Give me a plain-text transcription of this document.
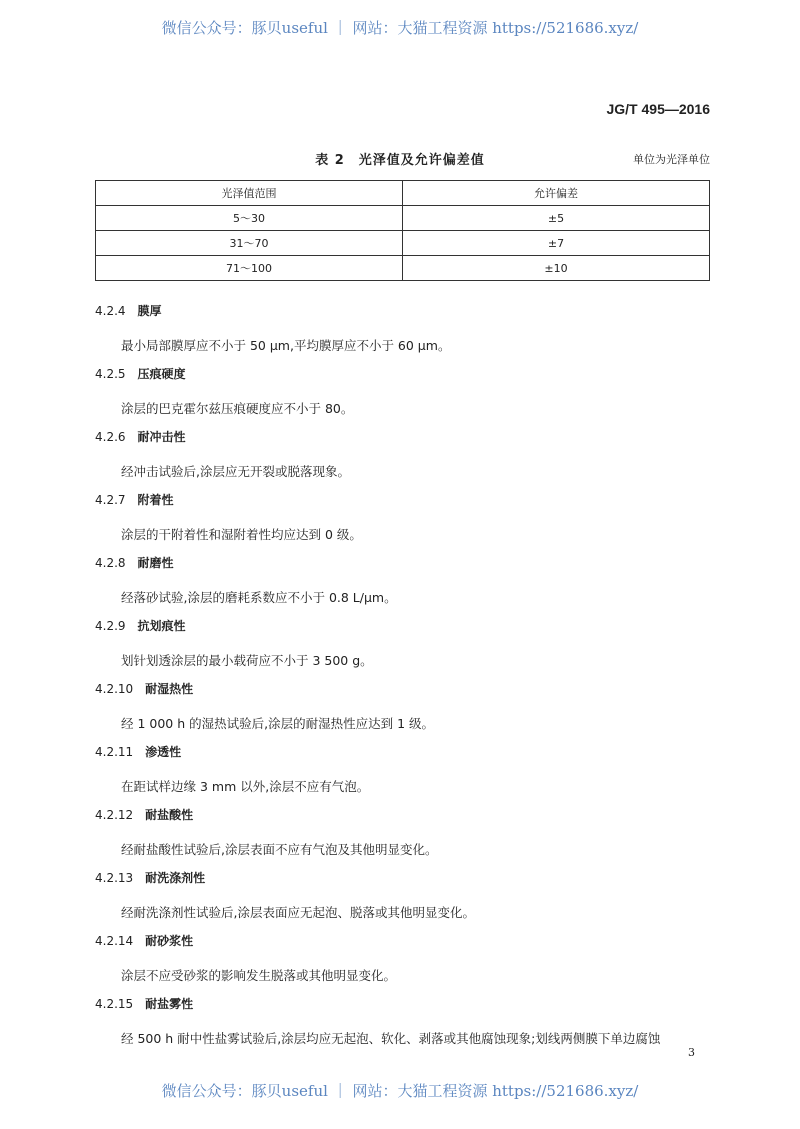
微信公众号：豚贝useful ｜ 网站：大猫工程资源 https://521686.xyz/
JG/T 495—2016
表 2　光泽值及允许偏差值	单位为光泽单位
光泽值范围	允许偏差
5～30	±5
31～70	±7
71～100	±10
4.2.4 膜厚

最小局部膜厚应不小于 50 μm,平均膜厚应不小于 60 μm。

4.2.5 压痕硬度

涂层的巴克霍尔兹压痕硬度应不小于 80。

4.2.6 耐冲击性

经冲击试验后,涂层应无开裂或脱落现象。

4.2.7 附着性

涂层的干附着性和湿附着性均应达到 0 级。

4.2.8 耐磨性

经落砂试验,涂层的磨耗系数应不小于 0.8 L/μm。

4.2.9 抗划痕性

划针划透涂层的最小载荷应不小于 3 500 g。

4.2.10 耐湿热性

经 1 000 h 的湿热试验后,涂层的耐湿热性应达到 1 级。

4.2.11 渗透性

在距试样边缘 3 mm 以外,涂层不应有气泡。

4.2.12 耐盐酸性

经耐盐酸性试验后,涂层表面不应有气泡及其他明显变化。

4.2.13 耐洗涤剂性

经耐洗涤剂性试验后,涂层表面应无起泡、脱落或其他明显变化。

4.2.14 耐砂浆性

涂层不应受砂浆的影响发生脱落或其他明显变化。

4.2.15 耐盐雾性

经 500 h 耐中性盐雾试验后,涂层均应无起泡、软化、剥落或其他腐蚀现象;划线两侧膜下单边腐蚀

3
微信公众号：豚贝useful ｜ 网站：大猫工程资源 https://521686.xyz/
